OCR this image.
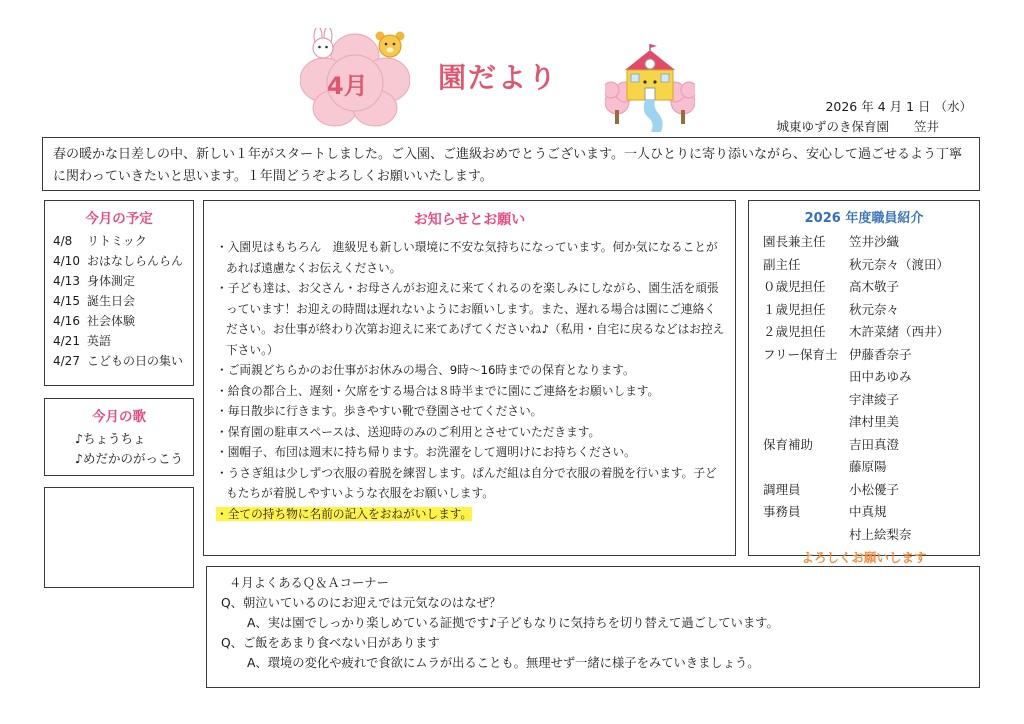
4月	園だより
2026 年 4 月 1 日 （水）
城東ゆずのき保育園　　笠井
春の暖かな日差しの中、新しい１年がスタートしました。ご入園、ご進級おめでとうございます。一人ひとりに寄り添いながら、安心して過ごせるよう丁寧に関わっていきたいと思います。１年間どうぞよろしくお願いいたします。
今月の予定
4/8	リトミック
4/10 おはなしらんらん
4/13 身体測定
4/15 誕生日会
4/16 社会体験
4/21 英語
4/27 こどもの日の集い
今月の歌
♪ちょうちょ
♪めだかのがっこう
お知らせとお願い
・入園児はもちろん　進級児も新しい環境に不安な気持ちになっています。何か気になることがあれば遠慮なくお伝えください。
・子ども達は、お父さん・お母さんがお迎えに来てくれるのを楽しみにしながら、園生活を頑張っています！お迎えの時間は遅れないようにお願いします。また、遅れる場合は園にご連絡ください。お仕事が終わり次第お迎えに来てあげてくださいね♪（私用・自宅に戻るなどはお控え下さい。）
・ご両親どちらかのお仕事がお休みの場合、9時～16時までの保育となります。
・給食の都合上、遅刻・欠席をする場合は８時半までに園にご連絡をお願いします。
・毎日散歩に行きます。歩きやすい靴で登園させてください。
・保育園の駐車スペースは、送迎時のみのご利用とさせていただきます。
・園帽子、布団は週末に持ち帰ります。お洗濯をして週明けにお持ちください。
・うさぎ組は少しずつ衣服の着脱を練習します。ぱんだ組は自分で衣服の着脱を行います。子どもたちが着脱しやすいような衣服をお願いします。
・全ての持ち物に名前の記入をおねがいします。
2026 年度職員紹介
園長兼主任	笠井沙織
副主任	秋元奈々（渡田）
０歳児担任	高木敬子
１歳児担任	秋元奈々
２歳児担任	木許菜緒（西井）
フリー保育士 伊藤香奈子
田中あゆみ
宇津綾子
津村里美
保育補助	吉田真澄
藤原陽
調理員	小松優子
事務員	中真規
村上絵梨奈
よろしくお願いします
４月よくあるＱ＆Ａコーナー
Q、朝泣いているのにお迎えでは元気なのはなぜ？
A、実は園でしっかり楽しめている証拠です♪子どもなりに気持ちを切り替えて過ごしています。
Q、ご飯をあまり食べない日があります
A、環境の変化や疲れで食欲にムラが出ることも。無理せず一緒に様子をみていきましょう。
